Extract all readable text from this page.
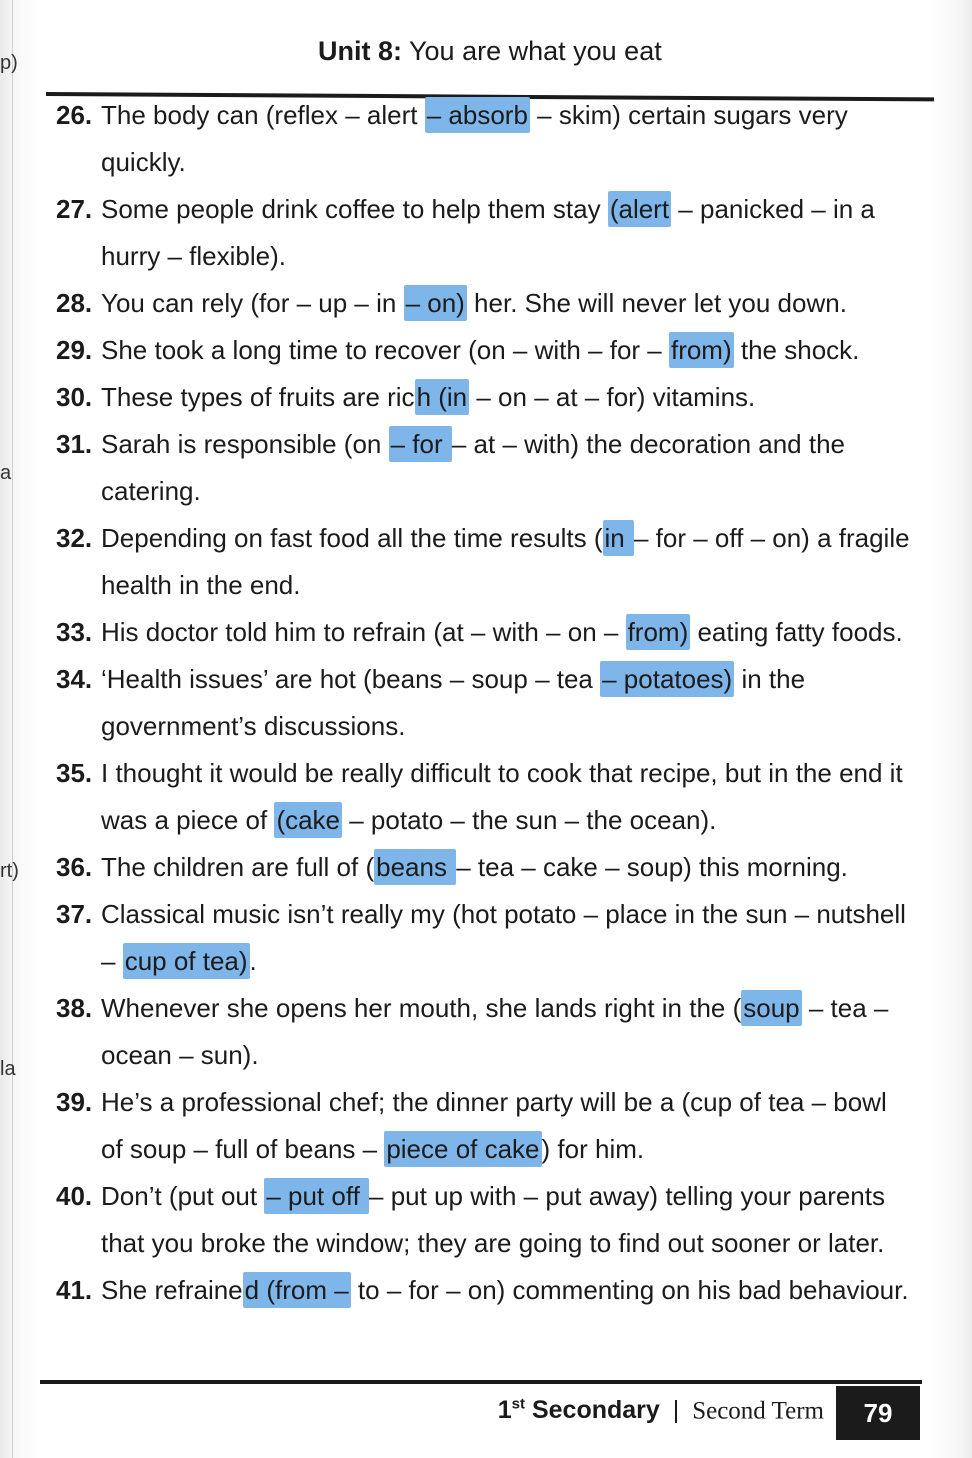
p)
a
rt)
la
Unit 8: You are what you eat
26. The body can (reflex – alert – absorb – skim) certain sugars very quickly.
27. Some people drink coffee to help them stay (alert – panicked – in a hurry – flexible).
28. You can rely (for – up – in – on) her. She will never let you down.
29. She took a long time to recover (on – with – for – from) the shock.
30. These types of fruits are rich (in – on – at – for) vitamins.
31. Sarah is responsible (on – for – at – with) the decoration and the catering.
32. Depending on fast food all the time results (in – for – off – on) a fragile health in the end.
33. His doctor told him to refrain (at – with – on – from) eating fatty foods.
34. ‘Health issues’ are hot (beans – soup – tea – potatoes) in the government’s discussions.
35. I thought it would be really difficult to cook that recipe, but in the end it was a piece of (cake – potato – the sun – the ocean).
36. The children are full of (beans – tea – cake – soup) this morning.
37. Classical music isn’t really my (hot potato – place in the sun – nutshell – cup of tea).
38. Whenever she opens her mouth, she lands right in the (soup – tea – ocean – sun).
39. He’s a professional chef; the dinner party will be a (cup of tea – bowl of soup – full of beans – piece of cake) for him.
40. Don’t (put out – put off – put up with – put away) telling your parents that you broke the window; they are going to find out sooner or later.
41. She refrained (from – to – for – on) commenting on his bad behaviour.
1st Secondary | Second Term	79
